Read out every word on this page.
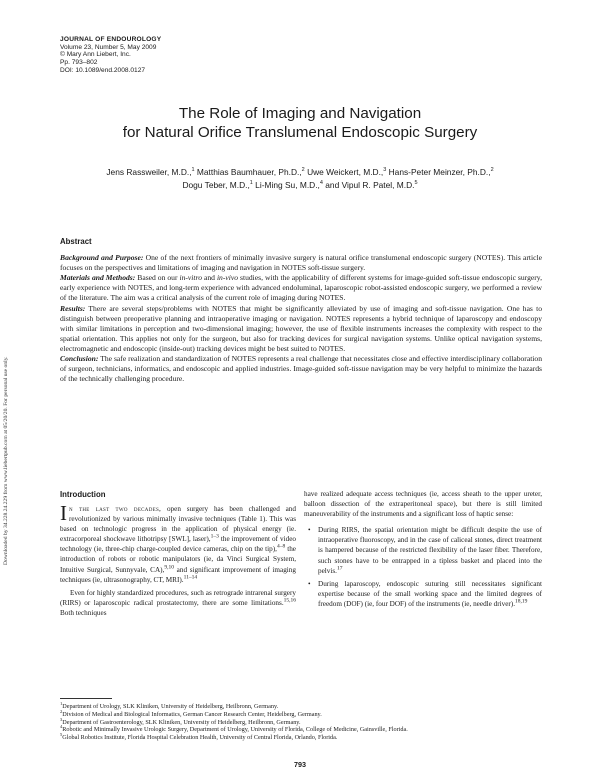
Downloaded by 34.228.24.229 from www.liebertpub.com at 05/20/20. For personal use only.
JOURNAL OF ENDOUROLOGY
Volume 23, Number 5, May 2009
© Mary Ann Liebert, Inc.
Pp. 793–802
DOI: 10.1089/end.2008.0127
The Role of Imaging and Navigation
for Natural Orifice Translumenal Endoscopic Surgery
Jens Rassweiler, M.D.,$^1$ Matthias Baumhauer, Ph.D.,$^2$ Uwe Weickert, M.D.,$^3$ Hans-Peter Meinzer, Ph.D.,$^2$
Dogu Teber, M.D.,$^1$ Li-Ming Su, M.D.,$^4$ and Vipul R. Patel, M.D.$^5$
Abstract

Background and Purpose: One of the next frontiers of minimally invasive surgery is natural orifice translumenal endoscopic surgery (NOTES). This article focuses on the perspectives and limitations of imaging and navigation in NOTES soft-tissue surgery.

Materials and Methods: Based on our in-vitro and in-vivo studies, with the applicability of different systems for image-guided soft-tissue endoscopic surgery, early experience with NOTES, and long-term experience with advanced endoluminal, laparoscopic robot-assisted endoscopic surgery, we performed a review of the literature. The aim was a critical analysis of the current role of imaging during NOTES.

Results: There are several steps/problems with NOTES that might be significantly alleviated by use of imaging and soft-tissue navigation. One has to distinguish between preoperative planning and intraoperative imaging or navigation. NOTES represents a hybrid technique of laparoscopy and endoscopy with similar limitations in perception and two-dimensional imaging; however, the use of flexible instruments increases the complexity with respect to the spatial orientation. This applies not only for the surgeon, but also for tracking devices for surgical navigation systems. Unlike optical navigation systems, electromagnetic and endoscopic (inside-out) tracking devices might be best suited to NOTES.

Conclusion: The safe realization and standardization of NOTES represents a real challenge that necessitates close and effective interdisciplinary collaboration of surgeon, technicians, informatics, and endoscopic and applied industries. Image-guided soft-tissue navigation may be very helpful to minimize the hazards of the technically challenging procedure.

Introduction

I n the last two decades, open surgery has been challenged and revolutionized by various minimally invasive techniques (Table 1). This was based on technologic progress in the application of physical energy (ie. extracorporeal shockwave lithotripsy [SWL], laser),$^{1-3}$ the improvement of video technology (ie, three-chip charge-coupled device cameras, chip on the tip),$^{4-8}$ the introduction of robots or robotic manipulators (ie, da Vinci Surgical System, Intuitive Surgical, Sunnyvale, CA),$^{9,10}$ and significant improvement of imaging techniques (ie, ultrasonography, CT, MRI).$^{11-14}$

Even for highly standardized procedures, such as retrograde intrarenal surgery (RIRS) or laparoscopic radical prostatectomy, there are some limitations.$^{15,16}$ Both techniques

have realized adequate access techniques (ie, access sheath to the upper ureter, balloon dissection of the extraperitoneal space), but there is still limited maneuverability of the instruments and a significant loss of haptic sense:

• During RIRS, the spatial orientation might be difficult despite the use of intraoperative fluoroscopy, and in the case of caliceal stones, direct treatment is hampered because of the restricted flexibility of the laser fiber. Therefore, such stones have to be entrapped in a tipless basket and placed into the pelvis.$^{17}$
• During laparoscopy, endoscopic suturing still necessitates significant expertise because of the small working space and the limited degrees of freedom (DOF) (ie, four DOF) of the instruments (ie, needle driver).$^{18,19}$
$^1$Department of Urology, SLK Kliniken, University of Heidelberg, Heilbronn, Germany.
$^2$Division of Medical and Biological Informatics, German Cancer Research Center, Heidelberg, Germany.
$^3$Department of Gastroenterology, SLK Kliniken, University of Heidelberg, Heilbronn, Germany.
$^4$Robotic and Minimally Invasive Urologic Surgery, Department of Urology, University of Florida, College of Medicine, Gainsville, Florida.
$^5$Global Robotics Institute, Florida Hospital Celebration Health, University of Central Florida, Orlando, Florida.
793
